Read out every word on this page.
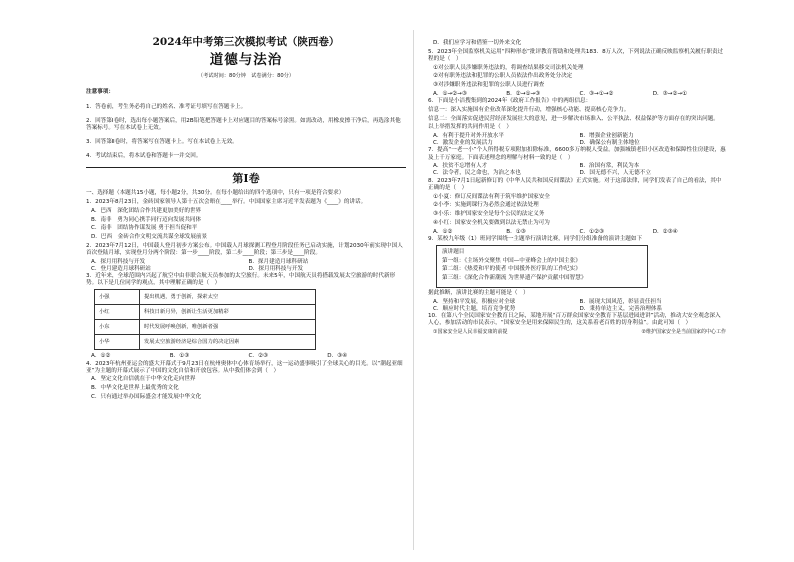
2024年中考第三次模拟考试（陕西卷）
道德与法治
（考试时间：80分钟　试卷满分：80分）
注意事项：
1．答卷前，考生务必将自己的姓名、准考证号填写在答题卡上。
2．回答第Ⅰ卷时，选出每小题答案后，用2B铅笔把答题卡上对应题目的答案标号涂黑。如需改动，用橡皮擦干净后，再选涂其他答案标号。写在本试卷上无效。
3．回答第Ⅱ卷时，将答案写在答题卡上。写在本试卷上无效。
4．考试结束后，将本试卷和答题卡一并交回。
第Ⅰ卷

一、选择题（本题共15小题，每小题2分，共30分。在每小题给出的四个选项中，只有一项是符合要求）

1．2023年8月23日，金砖国家领导人第十五次会晤在____举行。中国国家主席习近平发表题为《____》的讲话。

A．巴西　深化团结合作共建更加美好的世界

B．南非　勇为同心携手同行迈向发展共同体

C．南非　团结协作谋发展 勇于担当促和平

D．巴西　金砖合作文明交流共谋全球发展前景

2．2023年7月12日，中国载人登月初步方案公布。中国载人月球探测工程登月阶段任务已启动实施，计划2030年前实现中国人首次登陆月球，实现登月分两个阶段：第一步____阶段，第二步____阶段；第三步是____阶段。

A．探月用科技与开发	B．探月建造月球科研站
C．登月建造月球科研站	D．探月用科技与开发

3．近年来，全球范围内兴起了航空中由非联合航天员参加的太空旅行。未来5年，中国航天员将搭载发展太空旅游的时代新形势。以下是几位同学的观点，其中理解正确的是（　）

小强	提出机遇，勇于创新，探索太空
小红	科技日新月异，创新让生活更加精彩
小东	时代发展呼唤创新，唯创新者强
小华	发展太空旅游经济是综合国力的决定因素
A．①②	B．①③	C．②③	D．③④

4．2023年杭州亚运会的盛大开幕式于9月23日在杭州奥体中心体育场举行，这一运动盛事吸引了全球关心的目光。以“潮起亚细亚”为主题的开幕式展示了中国的文化自信和开放包容。从中我们体会到（　）

A．坚定文化自信就在于中华文化走向世界

B．中华文化是世界上最优秀的文化

C．只有通过举办国际盛会才能发展中华文化

D．我们应学习和借鉴一切外来文化

5．2023年全国监察机关运用“四种形态”批评教育帮助和处理共183．8万人次，下列说法正确反映监察机关履行职责过程的是（　）

①对公职人员涉嫌职务违法的，将调查结果移交司法机关处理

②对有职务违法和犯罪的公职人员依法作出政务处分决定

③对涉嫌职务违法和犯罪的公职人员进行调查

A．①→②→③	B．②→①→③	C．③→①→②	D．③→②→①

6．下面是小洁搜集到的2024年《政府工作报告》中的两组信息：

信息一：深入实施国有企业改革深化提升行动，增强核心功能、提高核心竞争力。

信息二：全面落实促进民营经济发展壮大的意见，进一步解决市场准入、公平执法、权益保护等方面存在的突出问题。

以上举措发挥的共同作用是（　）

A．有利于提升对外开放水平	B．增强企业创新能力
C．激发企业的发展活力	D．确保公有制主体地位

7．提高“一老一小”个人所得税专项附加扣除标准，6600多万纳税人受益。加强城镇老旧小区改造和保障性住房建设，惠及上千万家庭。下面表述理念的理解与材料一致的是（　）

A．扶贫不忘增有人才	B．治国有常，利民为本
C．法令者，民之命也，为治之本也	D．国无德不兴，人无德不立

8．2023年7月1日起新修订的《中华人民共和国反间谍法》正式实施。对于这部法律，同学们发表了自己的看法，其中正确的是（　）

①小夏：修订反间谍法有利于筑牢维护国家安全

②小李：实施到课行为必然会通过依法处理

③小乐：维护国家安全是每个公民的法定义务

④小红：国家安全机关要做到以法无禁止为可为

A．①②	B．①③	C．①②③	D．②③④

9．某校九年级（1）班同学围绕一主题举行演讲比赛，同学们分组准备的演讲主题如下

演讲题目

第一组：《主场外交聚焦 中国—中亚峰会上的中国主张》

第二组：《热爱和平的使者 中国援外医疗队的工作纪实》

第三组：《深化合作新潮流 为世界遗产保护贡献中国智慧》

据此推断，演讲比赛的主题可能是（　）

A．坚持和平发展，积极应对全球	B．展现大国风范，彰显责任担当
C．顺应时代主题，培育竞争优势	D．秉持单边主义，完善治理体系

10．在第八个全民国家安全教育日之际，某地开展“百万群众国家安全教育下基层进园进讲”活动，推动大安全观念深入人心，参加活动的市民表示，“国家安全是用来保障民生的，这关系着老百姓的切身利益”。由此可知（　）

①国家安全是人民幸福安康的前提	②维护国家安全是当前国家的中心工作
